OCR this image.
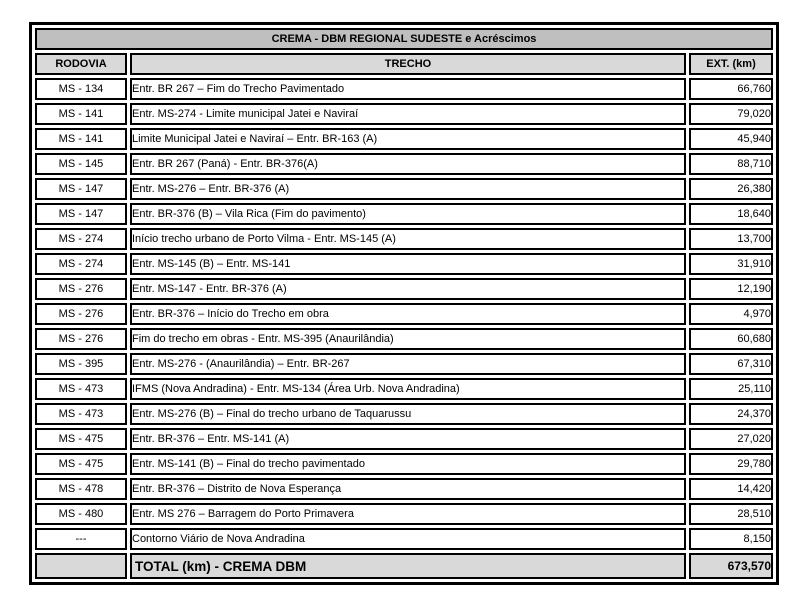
CREMA - DBM REGIONAL SUDESTE e Acréscimos		
RODOVIA	TRECHO	EXT. (km)
MS - 134	Entr. BR 267 – Fim do Trecho Pavimentado	66,760
MS - 141	Entr. MS-274 - Limite municipal Jatei e Naviraí	79,020
MS - 141	Limite Municipal Jatei e Naviraí – Entr. BR-163 (A)	45,940
MS - 145	Entr. BR 267 (Paná) - Entr. BR-376(A)	88,710
MS - 147	Entr. MS-276 – Entr. BR-376 (A)	26,380
MS - 147	Entr. BR-376 (B) – Vila Rica (Fim do pavimento)	18,640
MS - 274	Início trecho urbano de Porto Vilma - Entr. MS-145 (A)	13,700
MS - 274	Entr. MS-145 (B) – Entr. MS-141	31,910
MS - 276	Entr. MS-147 - Entr. BR-376 (A)	12,190
MS - 276	Entr. BR-376 – Início do Trecho em obra	4,970
MS - 276	Fim do trecho em obras - Entr. MS-395 (Anaurilândia)	60,680
MS - 395	Entr. MS-276 - (Anaurilândia) – Entr. BR-267	67,310
MS - 473	IFMS (Nova Andradina) - Entr. MS-134 (Área Urb. Nova Andradina)	25,110
MS - 473	Entr. MS-276 (B) – Final do trecho urbano de Taquarussu	24,370
MS - 475	Entr. BR-376 – Entr. MS-141 (A)	27,020
MS - 475	Entr. MS-141 (B) – Final do trecho pavimentado	29,780
MS - 478	Entr. BR-376 – Distrito de Nova Esperança	14,420
MS - 480	Entr. MS 276 – Barragem do Porto Primavera	28,510
---	Contorno Viário de Nova Andradina	8,150
	TOTAL (km) - CREMA DBM	673,570
